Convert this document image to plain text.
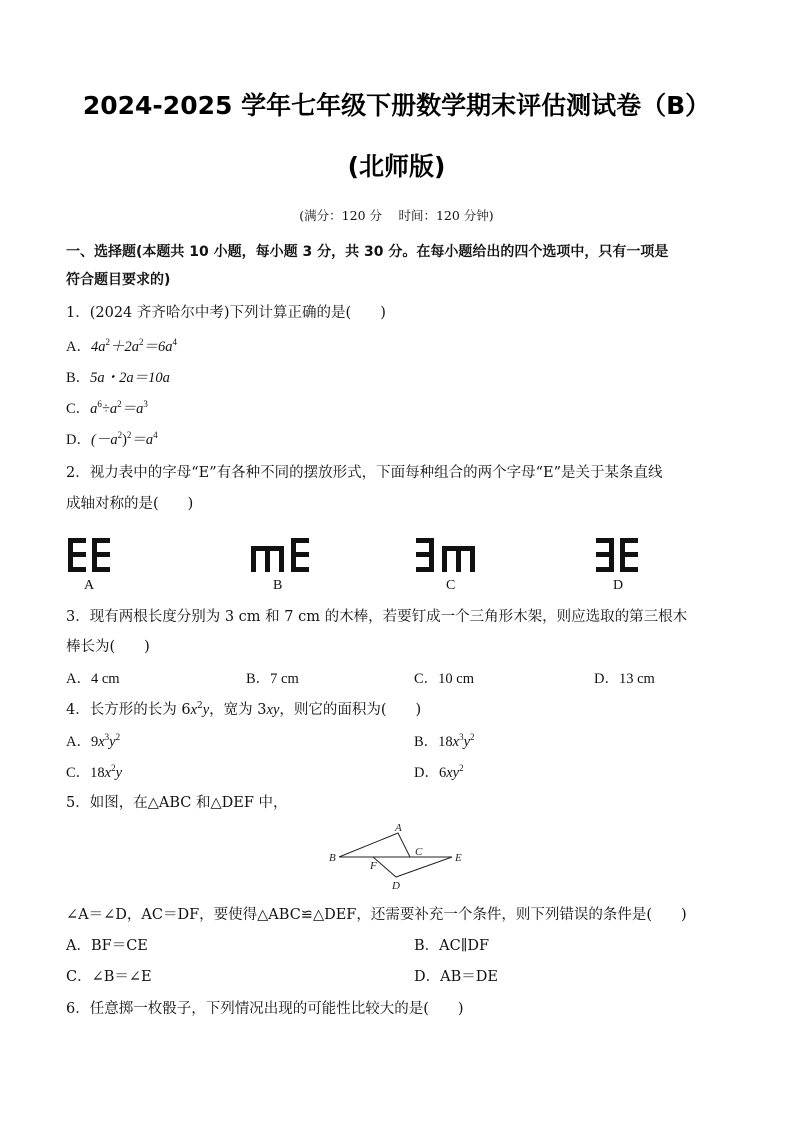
2024-2025 学年七年级下册数学期末评估测试卷（B）
(北师版)
(满分：120 分　 时间：120 分钟)
一、选择题(本题共 10 小题，每小题 3 分，共 30 分。在每小题给出的四个选项中，只有一项是
符合题目要求的)
1．(2024 齐齐哈尔中考)下列计算正确的是(　　)
A．$4a^2+2a^2=6a^4$
B．5a・2a＝10a
C．$a^6\div a^2=a^3$
D．$(-a^2)^2=a^4$
2．视力表中的字母“E”有各种不同的摆放形式，下面每种组合的两个字母“E”是关于某条直线
成轴对称的是(　　)
A	B	C	D
3．现有两根长度分别为 3 cm 和 7 cm 的木棒，若要钉成一个三角形木架，则应选取的第三根木
棒长为(　　)
A．4 cm	B．7 cm	C．10 cm	D．13 cm
4．长方形的长为 $6x^2y$，宽为 3xy，则它的面积为(　　)
A．$9x^3y^2$	B．$18x^3y^2$
C．$18x^2y$	D．$6xy^2$
5．如图，在△ABC 和△DEF 中，
A
B	C
F
E
D
∠A＝∠D，AC＝DF，要使得△ABC≌△DEF，还需要补充一个条件，则下列错误的条件是(　　)
A．BF＝CE	B．AC∥DF
C．∠B＝∠E	D．AB＝DE
6．任意掷一枚骰子，下列情况出现的可能性比较大的是(　　)
